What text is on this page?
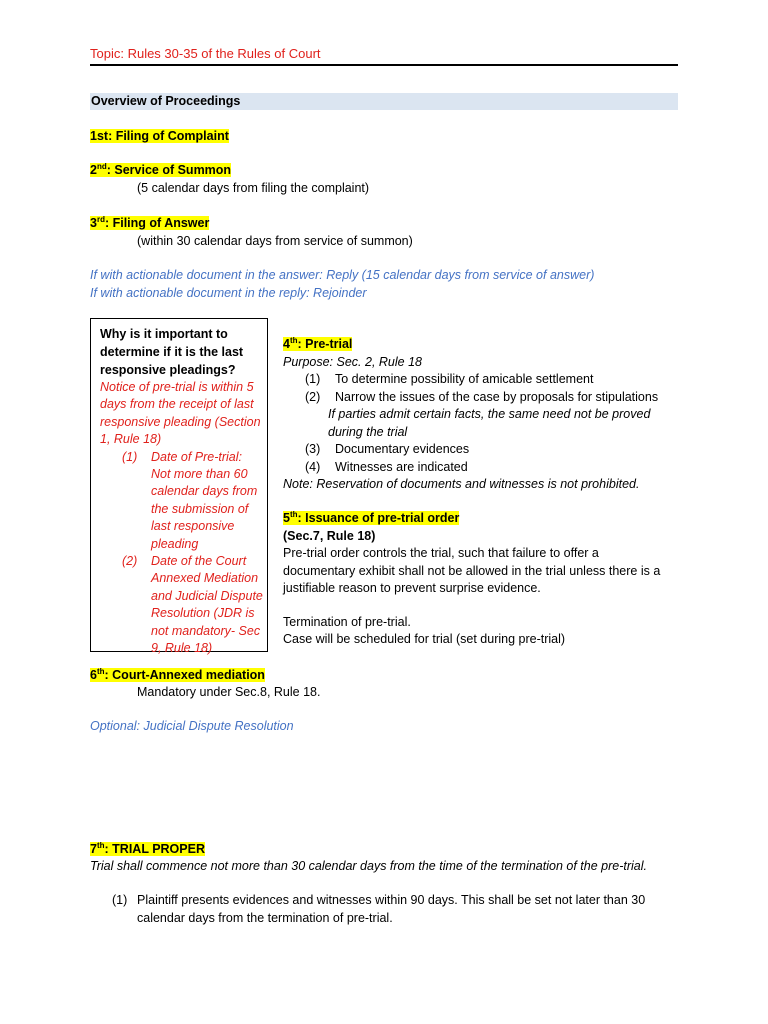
Topic: Rules 30-35 of the Rules of Court
Overview of Proceedings
1st: Filing of Complaint
2nd: Service of Summon
(5 calendar days from filing the complaint)
3rd: Filing of Answer
(within 30 calendar days from service of summon)
If with actionable document in the answer: Reply (15 calendar days from service of answer)
If with actionable document in the reply: Rejoinder
Why is it important to
determine if it is the last
responsive pleadings?
Notice of pre-trial is within 5
days from the receipt of last
responsive pleading (Section
1, Rule 18)
(1)	Date of Pre-trial:
Not more than 60
calendar days from
the submission of
last responsive
pleading
(2)	Date of the Court
Annexed Mediation
and Judicial Dispute
Resolution (JDR is
not mandatory- Sec
9, Rule 18)
4th: Pre-trial
Purpose: Sec. 2, Rule 18
(1)	To determine possibility of amicable settlement
(2)	Narrow the issues of the case by proposals for stipulations
If parties admit certain facts, the same need not be proved
during the trial
(3)	Documentary evidences
(4)	Witnesses are indicated
Note: Reservation of documents and witnesses is not prohibited.
5th: Issuance of pre-trial order
(Sec.7, Rule 18)
Pre-trial order controls the trial, such that failure to offer a
documentary exhibit shall not be allowed in the trial unless there is a
justifiable reason to prevent surprise evidence.
Termination of pre-trial.
Case will be scheduled for trial (set during pre-trial)
6th: Court-Annexed mediation
Mandatory under Sec.8, Rule 18.
Optional: Judicial Dispute Resolution
7th: TRIAL PROPER
Trial shall commence not more than 30 calendar days from the time of the termination of the pre-trial.
(1) Plaintiff presents evidences and witnesses within 90 days. This shall be set not later than 30
calendar days from the termination of pre-trial.
